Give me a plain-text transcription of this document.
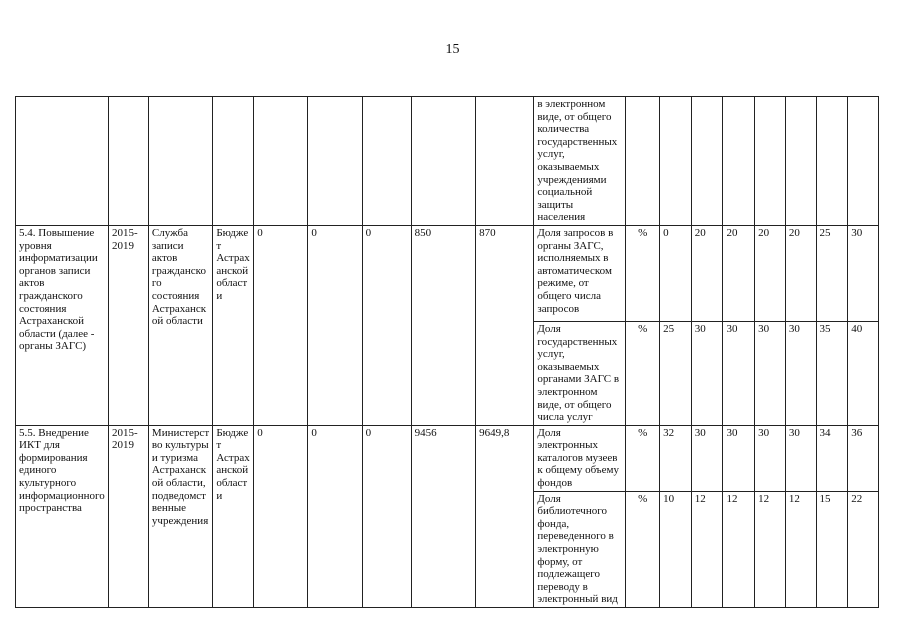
15
									в электронном виде, от общего количества государственных услуг, оказываемых учреждениями социальной защиты населения								
5.4. Повышение уровня информатизации органов записи актов гражданского состояния Астраханской области (далее - органы ЗАГС)	2015-2019	Служба записи актов гражданского состояния Астраханской области	Бюджет Астраханской области	0	0	0	850	870	Доля запросов в органы ЗАГС, исполняемых в автоматическом режиме, от общего числа запросов	%	0	20	20	20	20	25	30
									Доля государственных услуг, оказываемых органами ЗАГС в электронном виде, от общего числа услуг	%	25	30	30	30	30	35	40
5.5. Внедрение ИКТ для формирования единого культурного информационного пространства	2015-2019	Министерство культуры и туризма Астраханской области, подведомственные учреждения	Бюджет Астраханской области	0	0	0	9456	9649,8	Доля электронных каталогов музеев к общему объему фондов	%	32	30	30	30	30	34	36
									Доля библиотечного фонда, переведенного в электронную форму, от подлежащего переводу в электронный вид	%	10	12	12	12	12	15	22
